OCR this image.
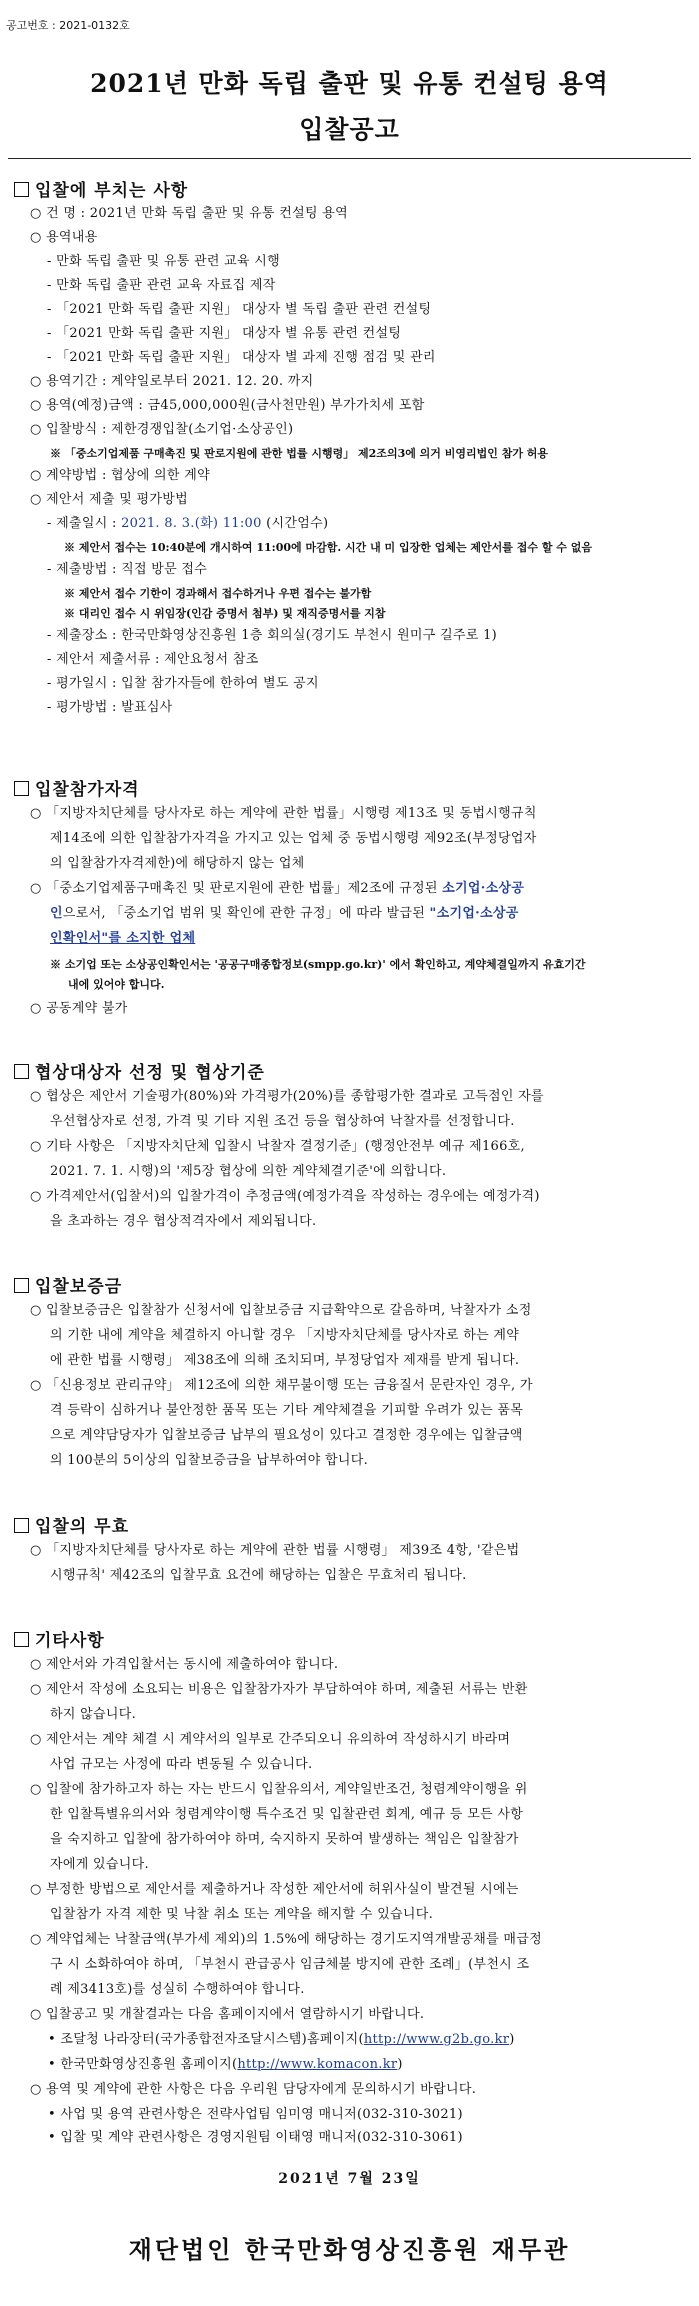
공고번호 : 2021-0132호
2021년 만화 독립 출판 및 유통 컨설팅 용역
입찰공고
입찰에 부치는 사항
○ 건 명 : 2021년 만화 독립 출판 및 유통 컨설팅 용역
○ 용역내용
- 만화 독립 출판 및 유통 관련 교육 시행
- 만화 독립 출판 관련 교육 자료집 제작
- 「2021 만화 독립 출판 지원」 대상자 별 독립 출판 관련 컨설팅
- 「2021 만화 독립 출판 지원」 대상자 별 유통 관련 컨설팅
- 「2021 만화 독립 출판 지원」 대상자 별 과제 진행 점검 및 관리
○ 용역기간 : 계약일로부터 2021. 12. 20. 까지
○ 용역(예정)금액 : 금45,000,000원(금사천만원) 부가가치세 포함
○ 입찰방식 : 제한경쟁입찰(소기업·소상공인)
※ 「중소기업제품 구매촉진 및 판로지원에 관한 법률 시행령」 제2조의3에 의거 비영리법인 참가 허용
○ 계약방법 : 협상에 의한 계약
○ 제안서 제출 및 평가방법
- 제출일시 : 2021. 8. 3.(화) 11:00 (시간엄수)
※ 제안서 접수는 10:40분에 개시하여 11:00에 마감함. 시간 내 미 입장한 업체는 제안서를 접수 할 수 없음
- 제출방법 : 직접 방문 접수
※ 제안서 접수 기한이 경과해서 접수하거나 우편 접수는 불가함
※ 대리인 접수 시 위임장(인감 증명서 첨부) 및 재직증명서를 지참
- 제출장소 : 한국만화영상진흥원 1층 회의실(경기도 부천시 원미구 길주로 1)
- 제안서 제출서류 : 제안요청서 참조
- 평가일시 : 입찰 참가자들에 한하여 별도 공지
- 평가방법 : 발표심사
입찰참가자격
○ 「지방자치단체를 당사자로 하는 계약에 관한 법률」시행령 제13조 및 동법시행규칙
제14조에 의한 입찰참가자격을 가지고 있는 업체 중 동법시행령 제92조(부정당업자
의 입찰참가자격제한)에 해당하지 않는 업체
○ 「중소기업제품구매촉진 및 판로지원에 관한 법률」제2조에 규정된 소기업·소상공
인으로서, 「중소기업 범위 및 확인에 관한 규정」에 따라 발급된 "소기업·소상공
인확인서"를 소지한 업체
※ 소기업 또는 소상공인확인서는 '공공구매종합정보(smpp.go.kr)' 에서 확인하고, 계약체결일까지 유효기간
내에 있어야 합니다.
○ 공동계약 불가
협상대상자 선정 및 협상기준
○ 협상은 제안서 기술평가(80%)와 가격평가(20%)를 종합평가한 결과로 고득점인 자를
우선협상자로 선정, 가격 및 기타 지원 조건 등을 협상하여 낙찰자를 선정합니다.
○ 기타 사항은 「지방자치단체 입찰시 낙찰자 결정기준」(행정안전부 예규 제166호,
2021. 7. 1. 시행)의 '제5장 협상에 의한 계약체결기준'에 의합니다.
○ 가격제안서(입찰서)의 입찰가격이 추정금액(예정가격을 작성하는 경우에는 예정가격)
을 초과하는 경우 협상적격자에서 제외됩니다.
입찰보증금
○ 입찰보증금은 입찰참가 신청서에 입찰보증금 지급확약으로 갈음하며, 낙찰자가 소정
의 기한 내에 계약을 체결하지 아니할 경우 「지방자치단체를 당사자로 하는 계약
에 관한 법률 시행령」 제38조에 의해 조치되며, 부정당업자 제재를 받게 됩니다.
○ 「신용정보 관리규약」 제12조에 의한 채무불이행 또는 금융질서 문란자인 경우, 가
격 등락이 심하거나 불안정한 품목 또는 기타 계약체결을 기피할 우려가 있는 품목
으로 계약담당자가 입찰보증금 납부의 필요성이 있다고 결정한 경우에는 입찰금액
의 100분의 5이상의 입찰보증금을 납부하여야 합니다.
입찰의 무효
○ 「지방자치단체를 당사자로 하는 계약에 관한 법률 시행령」 제39조 4항, '같은법
시행규칙' 제42조의 입찰무효 요건에 해당하는 입찰은 무효처리 됩니다.
기타사항
○ 제안서와 가격입찰서는 동시에 제출하여야 합니다.
○ 제안서 작성에 소요되는 비용은 입찰참가자가 부담하여야 하며, 제출된 서류는 반환
하지 않습니다.
○ 제안서는 계약 체결 시 계약서의 일부로 간주되오니 유의하여 작성하시기 바라며
사업 규모는 사정에 따라 변동될 수 있습니다.
○ 입찰에 참가하고자 하는 자는 반드시 입찰유의서, 계약일반조건, 청렴계약이행을 위
한 입찰특별유의서와 청렴계약이행 특수조건 및 입찰관련 회계, 예규 등 모든 사항
을 숙지하고 입찰에 참가하여야 하며, 숙지하지 못하여 발생하는 책임은 입찰참가
자에게 있습니다.
○ 부정한 방법으로 제안서를 제출하거나 작성한 제안서에 허위사실이 발견될 시에는
입찰참가 자격 제한 및 낙찰 취소 또는 계약을 해지할 수 있습니다.
○ 계약업체는 낙찰금액(부가세 제외)의 1.5%에 해당하는 경기도지역개발공채를 매급정
구 시 소화하여야 하며, 「부천시 관급공사 임금체불 방지에 관한 조례」(부천시 조
례 제3413호)를 성실히 수행하여야 합니다.
○ 입찰공고 및 개찰결과는 다음 홈페이지에서 열람하시기 바랍니다.
• 조달청 나라장터(국가종합전자조달시스템)홈페이지(http://www.g2b.go.kr)
• 한국만화영상진흥원 홈페이지(http://www.komacon.kr)
○ 용역 및 계약에 관한 사항은 다음 우리원 담당자에게 문의하시기 바랍니다.
• 사업 및 용역 관련사항은 전략사업팀 임미영 매니저(032-310-3021)
• 입찰 및 계약 관련사항은 경영지원팀 이태영 매니저(032-310-3061)
2021년 7월 23일
재단법인 한국만화영상진흥원 재무관
